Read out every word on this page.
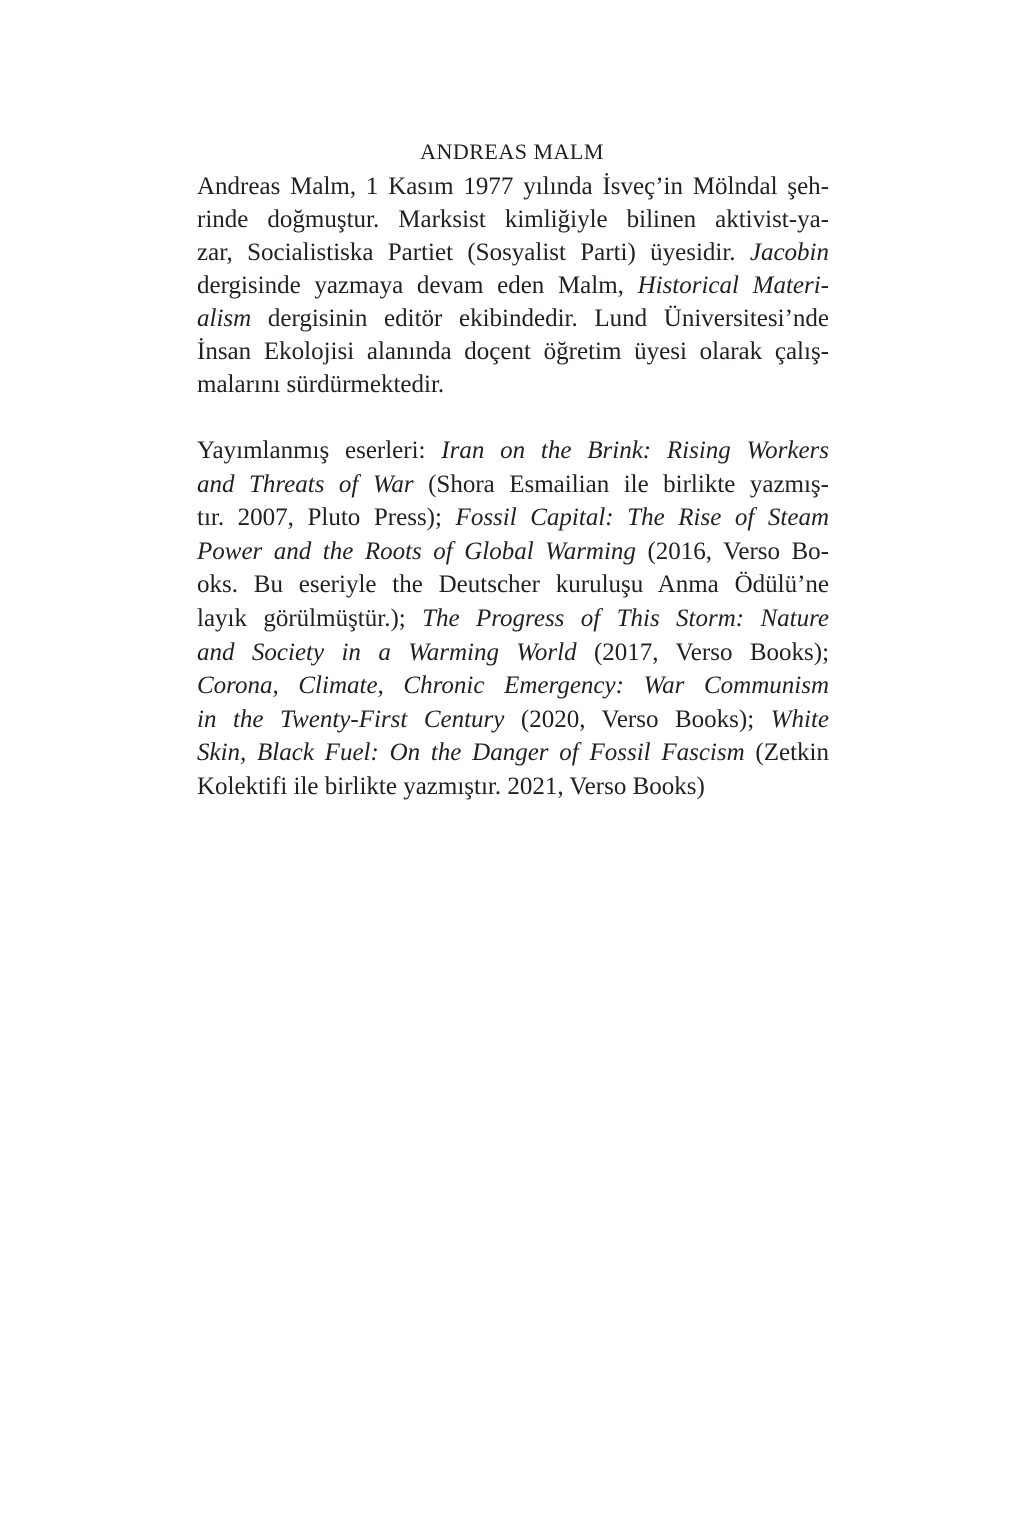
ANDREAS MALM
Andreas Malm, 1 Kasım 1977 yılında İsveç’in Mölndal şeh-
rinde doğmuştur. Marksist kimliğiyle bilinen aktivist-ya-
zar, Socialistiska Partiet (Sosyalist Parti) üyesidir. Jacobin
dergisinde yazmaya devam eden Malm, Historical Materi-
alism dergisinin editör ekibindedir. Lund Üniversitesi’nde
İnsan Ekolojisi alanında doçent öğretim üyesi olarak çalış-
malarını sürdürmektedir.
Yayımlanmış eserleri: Iran on the Brink: Rising Workers
and Threats of War (Shora Esmailian ile birlikte yazmış-
tır. 2007, Pluto Press); Fossil Capital: The Rise of Steam
Power and the Roots of Global Warming (2016, Verso Bo-
oks. Bu eseriyle the Deutscher kuruluşu Anma Ödülü’ne
layık görülmüştür.); The Progress of This Storm: Nature
and Society in a Warming World (2017, Verso Books);
Corona, Climate, Chronic Emergency: War Communism
in the Twenty-First Century (2020, Verso Books); White
Skin, Black Fuel: On the Danger of Fossil Fascism (Zetkin
Kolektifi ile birlikte yazmıştır. 2021, Verso Books)
